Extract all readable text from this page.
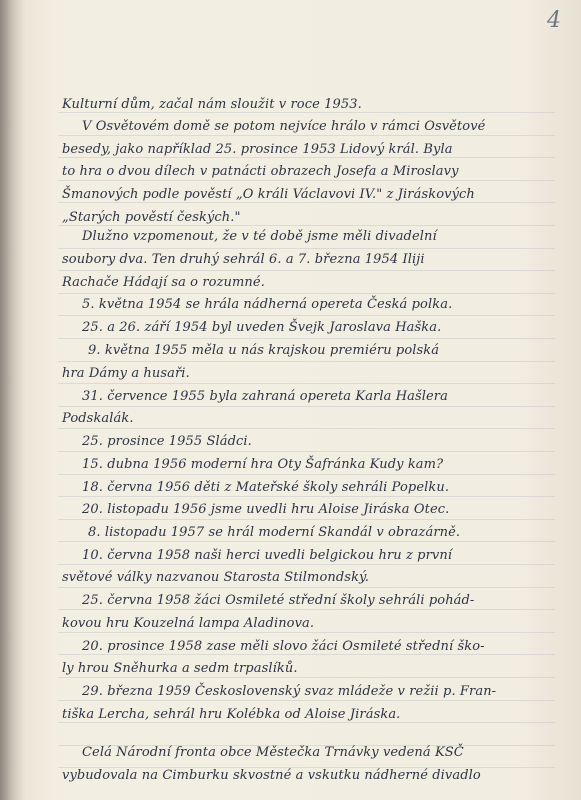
4
Kulturní dům, začal nám sloužit v roce 1953.
V Osvětovém domě se potom nejvíce hrálo v rámci Osvětové
besedy, jako například 25. prosince 1953 Lidový král. Byla
to hra o dvou dílech v patnácti obrazech Josefa a Miroslavy
Šmanových podle pověstí „O králi Václavovi IV." z Jiráskových
„Starých pověstí českých."
Dlužno vzpomenout, že v té době jsme měli divadelní
soubory dva. Ten druhý sehrál 6. a 7. března 1954 Iliji
Rachače Hádají sa o rozumné.
5. května 1954 se hrála nádherná opereta Česká polka.
25. a 26. září 1954 byl uveden Švejk Jaroslava Haška.
9. května 1955 měla u nás krajskou premiéru polská
hra Dámy a husaři.
31. července 1955 byla zahraná opereta Karla Hašlera
Podskalák.
25. prosince 1955 Sládci.
15. dubna 1956 moderní hra Oty Šafránka Kudy kam?
18. června 1956 děti z Mateřské školy sehráli Popelku.
20. listopadu 1956 jsme uvedli hru Aloise Jiráska Otec.
8. listopadu 1957 se hrál moderní Skandál v obrazárně.
10. června 1958 naši herci uvedli belgickou hru z první
světové války nazvanou Starosta Stilmondský.
25. června 1958 žáci Osmileté střední školy sehráli pohád-
kovou hru Kouzelná lampa Aladinova.
20. prosince 1958 zase měli slovo žáci Osmileté střední ško-
ly hrou Sněhurka a sedm trpaslíků.
29. března 1959 Československý svaz mládeže v režii p. Fran-
tiška Lercha, sehrál hru Kolébka od Aloise Jiráska.
Celá Národní fronta obce Městečka Trnávky vedená KSČ
vybudovala na Cimburku skvostné a vskutku nádherné divadlo
